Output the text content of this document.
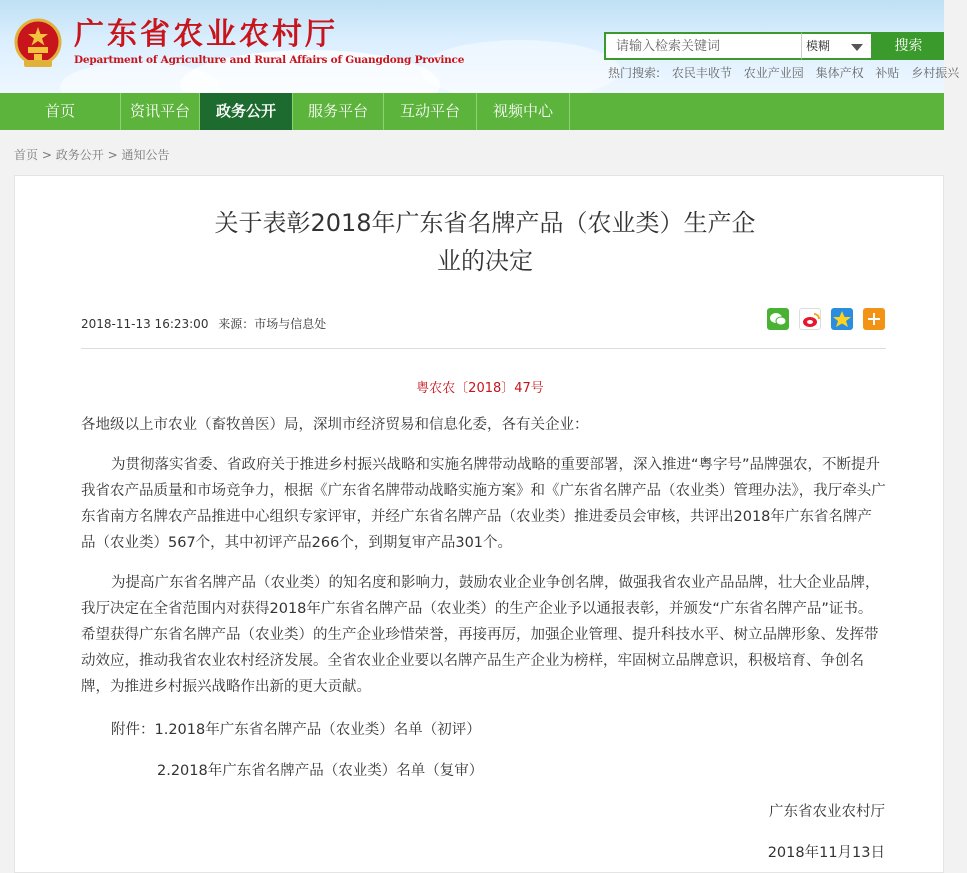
广东省农业农村厅
Department of Agriculture and Rural Affairs of Guangdong Province
请输入检索关键词	模糊	搜索
热门搜索: 农民丰收节 农业产业园 集体产权 补贴 乡村振兴
首页	资讯平台	政务公开	服务平台	互动平台	视频中心
首页 > 政务公开 > 通知公告
关于表彰2018年广东省名牌产品（农业类）生产企业的决定
2018-11-13 16:23:00 来源：市场与信息处
粤农农〔2018〕47号
各地级以上市农业（畜牧兽医）局，深圳市经济贸易和信息化委，各有关企业：
为贯彻落实省委、省政府关于推进乡村振兴战略和实施名牌带动战略的重要部署，深入推进“粤字号”品牌强农，不断提升我省农产品质量和市场竞争力，根据《广东省名牌带动战略实施方案》和《广东省名牌产品（农业类）管理办法》，我厅牵头广东省南方名牌农产品推进中心组织专家评审，并经广东省名牌产品（农业类）推进委员会审核，共评出2018年广东省名牌产品（农业类）567个，其中初评产品266个，到期复审产品301个。
为提高广东省名牌产品（农业类）的知名度和影响力，鼓励农业企业争创名牌，做强我省农业产品品牌，壮大企业品牌，我厅决定在全省范围内对获得2018年广东省名牌产品（农业类）的生产企业予以通报表彰，并颁发“广东省名牌产品”证书。希望获得广东省名牌产品（农业类）的生产企业珍惜荣誉，再接再厉，加强企业管理、提升科技水平、树立品牌形象、发挥带动效应，推动我省农业农村经济发展。全省农业企业要以名牌产品生产企业为榜样，牢固树立品牌意识，积极培育、争创名牌，为推进乡村振兴战略作出新的更大贡献。
附件：1.2018年广东省名牌产品（农业类）名单（初评）
2.2018年广东省名牌产品（农业类）名单（复审）
广东省农业农村厅
2018年11月13日
